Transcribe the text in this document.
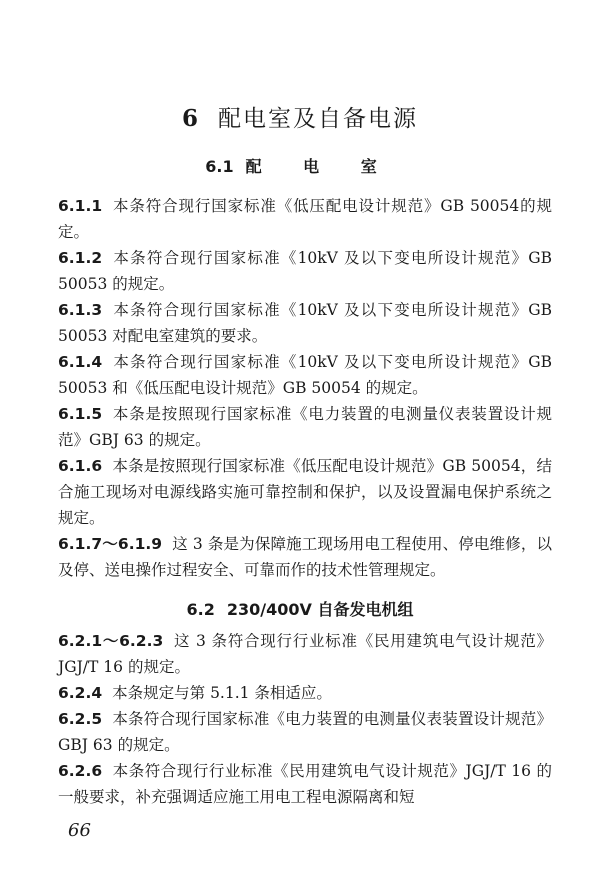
6 配电室及自备电源
6.1 配 电 室
6.1.1 本条符合现行国家标准《低压配电设计规范》GB 50054的规定。
6.1.2 本条符合现行国家标准《10kV 及以下变电所设计规范》GB 50053 的规定。
6.1.3 本条符合现行国家标准《10kV 及以下变电所设计规范》GB 50053 对配电室建筑的要求。
6.1.4 本条符合现行国家标准《10kV 及以下变电所设计规范》GB 50053 和《低压配电设计规范》GB 50054 的规定。
6.1.5 本条是按照现行国家标准《电力装置的电测量仪表装置设计规范》GBJ 63 的规定。
6.1.6 本条是按照现行国家标准《低压配电设计规范》GB 50054，结合施工现场对电源线路实施可靠控制和保护，以及设置漏电保护系统之规定。
6.1.7～6.1.9 这 3 条是为保障施工现场用电工程使用、停电维修，以及停、送电操作过程安全、可靠而作的技术性管理规定。
6.2 230/400V 自备发电机组
6.2.1～6.2.3 这 3 条符合现行行业标准《民用建筑电气设计规范》JGJ/T 16 的规定。
6.2.4 本条规定与第 5.1.1 条相适应。
6.2.5 本条符合现行国家标准《电力装置的电测量仪表装置设计规范》GBJ 63 的规定。
6.2.6 本条符合现行行业标准《民用建筑电气设计规范》JGJ/T 16 的一般要求，补充强调适应施工用电工程电源隔离和短
66
